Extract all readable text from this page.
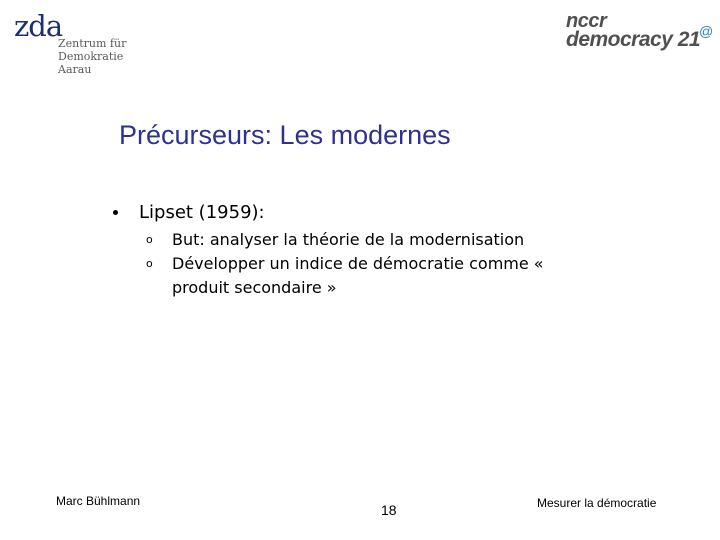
zda
Zentrum für
Demokratie
Aarau
nccr
democracy 21
@
Précurseurs: Les modernes
Lipset (1959):
o But: analyser la théorie de la modernisation
o Développer un indice de démocratie comme « produit secondaire »
Marc Bühlmann
18	Mesurer la démocratie
